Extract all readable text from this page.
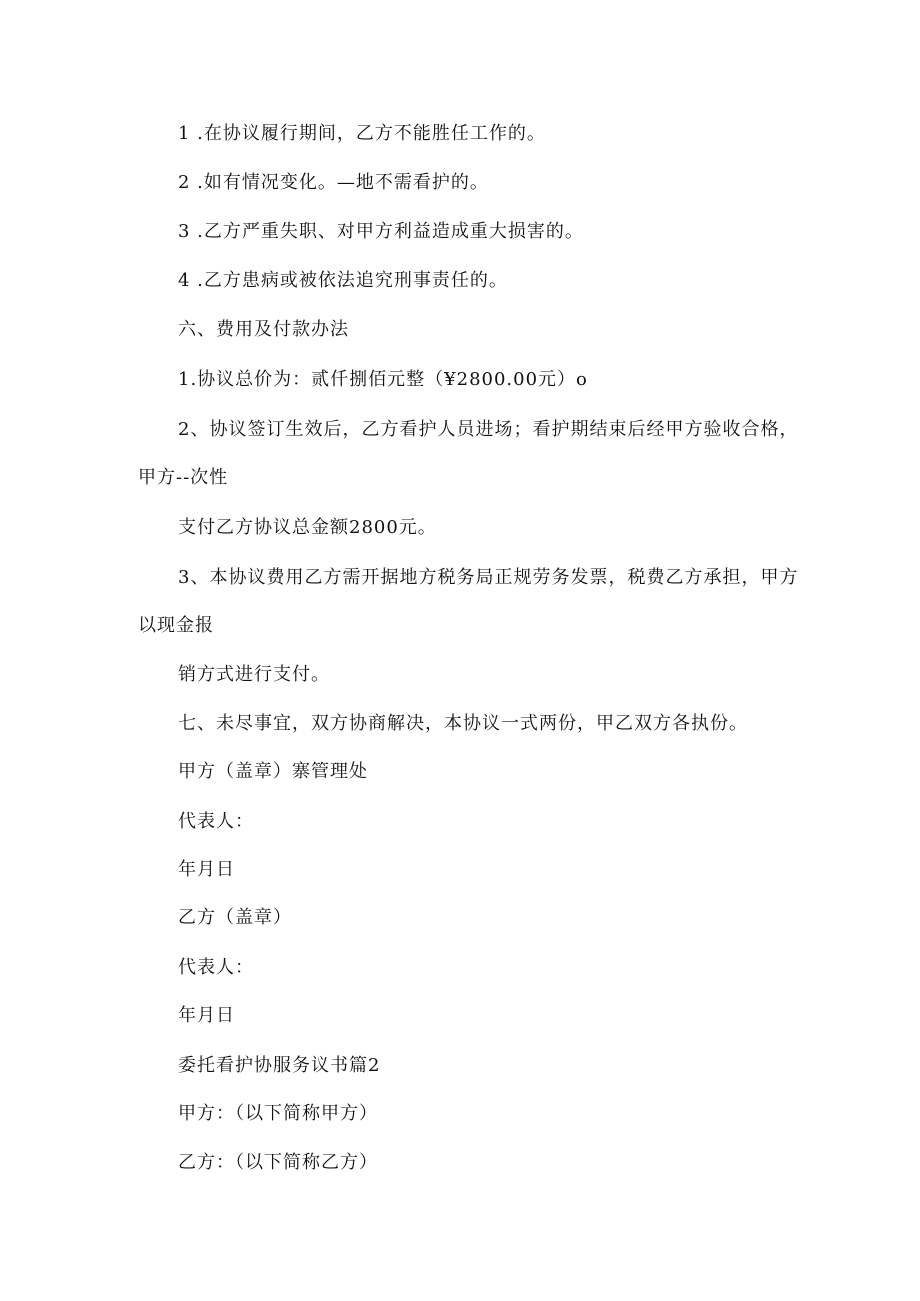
1 .在协议履行期间，乙方不能胜任工作的。
2 .如有情况变化。—地不需看护的。
3 .乙方严重失职、对甲方利益造成重大损害的。
4 .乙方患病或被依法追究刑事责任的。
六、费用及付款办法
1.协议总价为：贰仟捌佰元整（¥2800.00元）o
2、协议签订生效后，乙方看护人员进场；看护期结束后经甲方验收合格，
甲方--次性
支付乙方协议总金额2800元。
3、本协议费用乙方需开据地方税务局正规劳务发票，税费乙方承担，甲方
以现金报
销方式进行支付。
七、未尽事宜，双方协商解决，本协议一式两份，甲乙双方各执份。
甲方（盖章）寨管理处
代表人：
年月日
乙方（盖章）
代表人：
年月日
委托看护协服务议书篇2
甲方：（以下简称甲方）
乙方：（以下简称乙方）
